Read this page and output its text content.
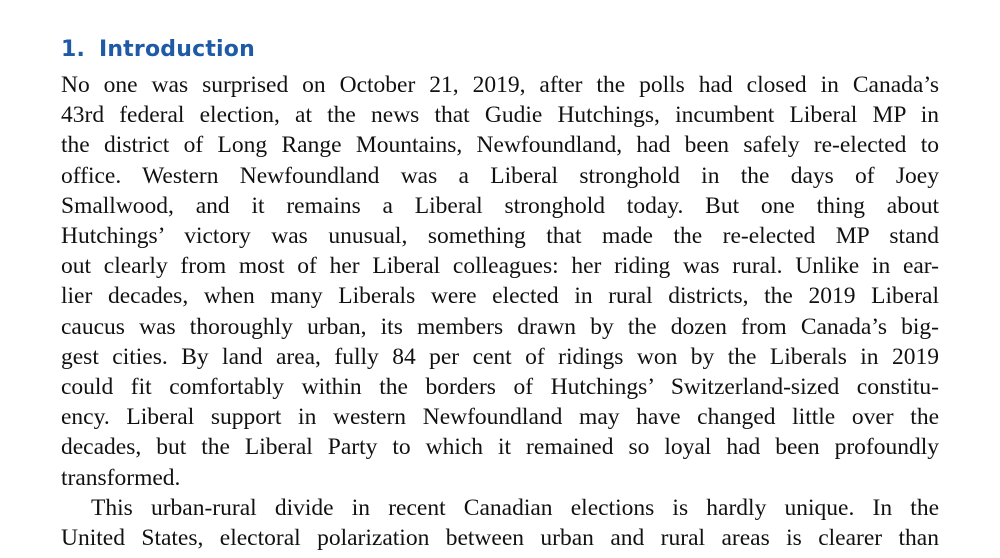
1. Introduction

No one was surprised on October 21, 2019, after the polls had closed in Canada’s
43rd federal election, at the news that Gudie Hutchings, incumbent Liberal MP in
the district of Long Range Mountains, Newfoundland, had been safely re-elected to
office. Western Newfoundland was a Liberal stronghold in the days of Joey
Smallwood, and it remains a Liberal stronghold today. But one thing about
Hutchings’ victory was unusual, something that made the re-elected MP stand
out clearly from most of her Liberal colleagues: her riding was rural. Unlike in ear-
lier decades, when many Liberals were elected in rural districts, the 2019 Liberal
caucus was thoroughly urban, its members drawn by the dozen from Canada’s big-
gest cities. By land area, fully 84 per cent of ridings won by the Liberals in 2019
could fit comfortably within the borders of Hutchings’ Switzerland-sized constitu-
ency. Liberal support in western Newfoundland may have changed little over the
decades, but the Liberal Party to which it remained so loyal had been profoundly
transformed.

This urban-rural divide in recent Canadian elections is hardly unique. In the
United States, electoral polarization between urban and rural areas is clearer than
